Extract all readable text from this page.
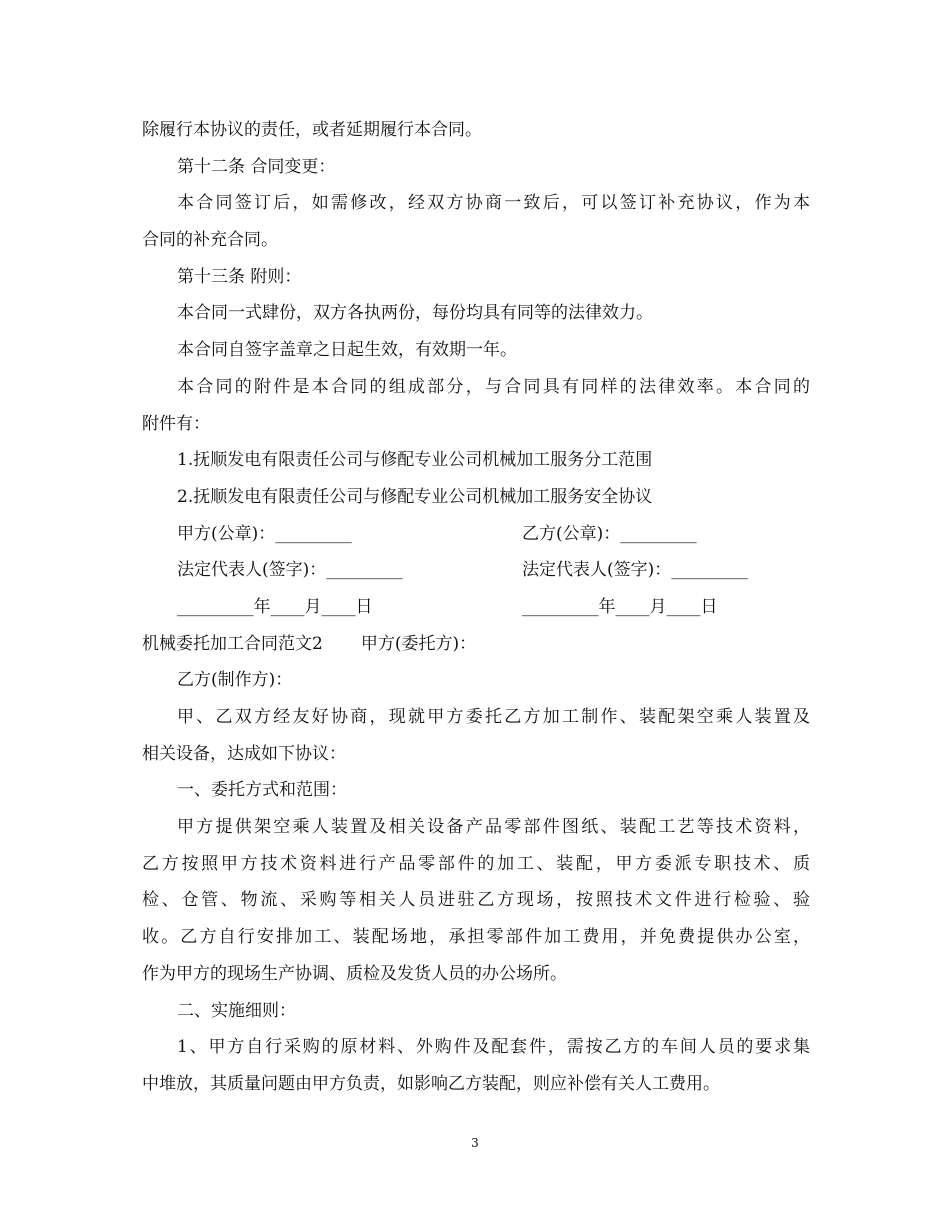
除履行本协议的责任，或者延期履行本合同。
第十二条 合同变更：
本合同签订后，如需修改，经双方协商一致后，可以签订补充协议，作为本
合同的补充合同。
第十三条 附则：
本合同一式肆份，双方各执两份，每份均具有同等的法律效力。
本合同自签字盖章之日起生效，有效期一年。
本合同的附件是本合同的组成部分，与合同具有同样的法律效率。本合同的
附件有：
1.抚顺发电有限责任公司与修配专业公司机械加工服务分工范围
2.抚顺发电有限责任公司与修配专业公司机械加工服务安全协议
甲方(公章)：_________	乙方(公章)：_________
法定代表人(签字)：_________	法定代表人(签字)：_________
_________年____月____日	_________年____月____日
机械委托加工合同范文2 甲方(委托方)：
乙方(制作方)：
甲、乙双方经友好协商，现就甲方委托乙方加工制作、装配架空乘人装置及
相关设备，达成如下协议：
一、委托方式和范围：
甲方提供架空乘人装置及相关设备产品零部件图纸、装配工艺等技术资料，
乙方按照甲方技术资料进行产品零部件的加工、装配，甲方委派专职技术、质
检、仓管、物流、采购等相关人员进驻乙方现场，按照技术文件进行检验、验
收。乙方自行安排加工、装配场地，承担零部件加工费用，并免费提供办公室，
作为甲方的现场生产协调、质检及发货人员的办公场所。
二、实施细则：
1、甲方自行采购的原材料、外购件及配套件，需按乙方的车间人员的要求集
中堆放，其质量问题由甲方负责，如影响乙方装配，则应补偿有关人工费用。
3
